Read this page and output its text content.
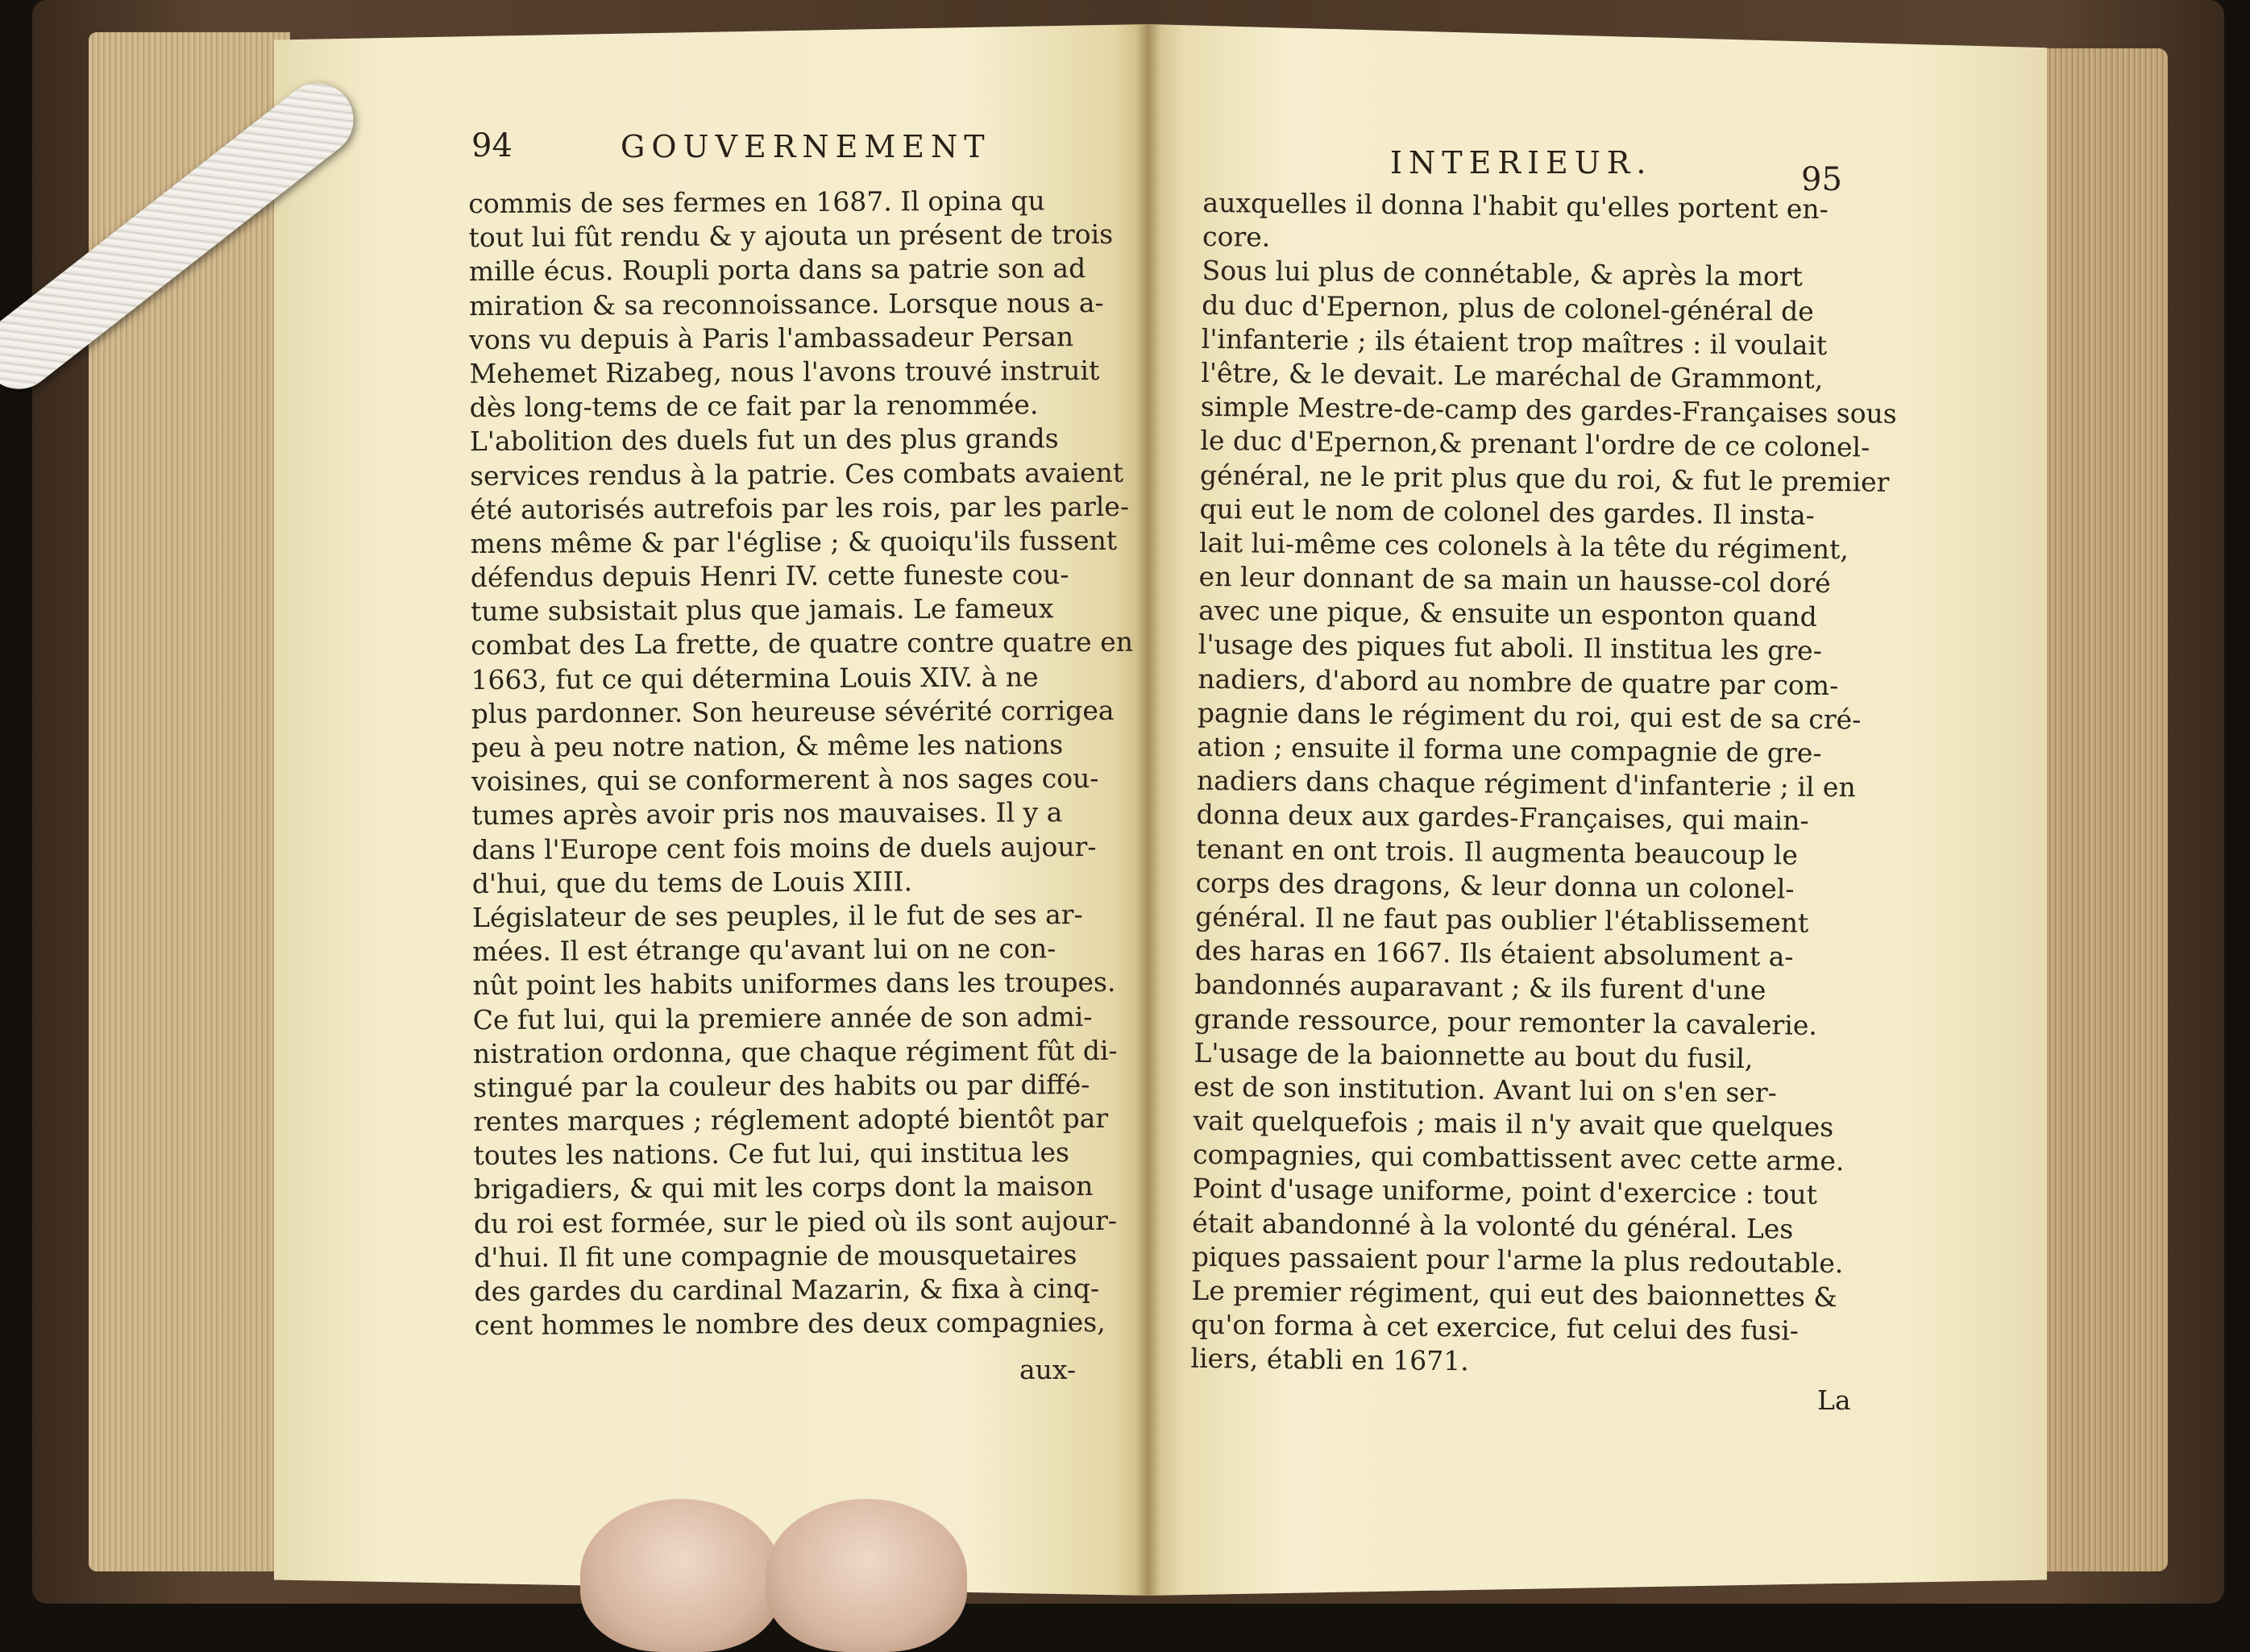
94	GOUVERNEMENT	INTERIEUR.	95
commis de ses fermes en 1687. Il opina qu
tout lui fût rendu & y ajouta un présent de trois
mille écus. Roupli porta dans sa patrie son ad
miration & sa reconnoissance. Lorsque nous a-
vons vu depuis à Paris l'ambassadeur Persan
Mehemet Rizabeg, nous l'avons trouvé instruit
dès long-tems de ce fait par la renommée.
L'abolition des duels fut un des plus grands
services rendus à la patrie. Ces combats avaient
été autorisés autrefois par les rois, par les parle-
mens même & par l'église ; & quoiqu'ils fussent
défendus depuis Henri IV. cette funeste cou-
tume subsistait plus que jamais. Le fameux
combat des La frette, de quatre contre quatre en
1663, fut ce qui détermina Louis XIV. à ne
plus pardonner. Son heureuse sévérité corrigea
peu à peu notre nation, & même les nations
voisines, qui se conformerent à nos sages cou-
tumes après avoir pris nos mauvaises. Il y a
dans l'Europe cent fois moins de duels aujour-
d'hui, que du tems de Louis XIII.
Législateur de ses peuples, il le fut de ses ar-
mées. Il est étrange qu'avant lui on ne con-
nût point les habits uniformes dans les troupes.
Ce fut lui, qui la premiere année de son admi-
nistration ordonna, que chaque régiment fût di-
stingué par la couleur des habits ou par diffé-
rentes marques ; réglement adopté bientôt par
toutes les nations. Ce fut lui, qui institua les
brigadiers, & qui mit les corps dont la maison
du roi est formée, sur le pied où ils sont aujour-
d'hui. Il fit une compagnie de mousquetaires
des gardes du cardinal Mazarin, & fixa à cinq-
cent hommes le nombre des deux compagnies,
auxquelles il donna l'habit qu'elles portent en-
core.
Sous lui plus de connétable, & après la mort
du duc d'Epernon, plus de colonel-général de
l'infanterie ; ils étaient trop maîtres : il voulait
l'être, & le devait. Le maréchal de Grammont,
simple Mestre-de-camp des gardes-Françaises sous
le duc d'Epernon,& prenant l'ordre de ce colonel-
général, ne le prit plus que du roi, & fut le premier
qui eut le nom de colonel des gardes. Il insta-
lait lui-même ces colonels à la tête du régiment,
en leur donnant de sa main un hausse-col doré
avec une pique, & ensuite un esponton quand
l'usage des piques fut aboli. Il institua les gre-
nadiers, d'abord au nombre de quatre par com-
pagnie dans le régiment du roi, qui est de sa cré-
ation ; ensuite il forma une compagnie de gre-
nadiers dans chaque régiment d'infanterie ; il en
donna deux aux gardes-Françaises, qui main-
tenant en ont trois. Il augmenta beaucoup le
corps des dragons, & leur donna un colonel-
général. Il ne faut pas oublier l'établissement
des haras en 1667. Ils étaient absolument a-
bandonnés auparavant ; & ils furent d'une
grande ressource, pour remonter la cavalerie.
L'usage de la baionnette au bout du fusil,
est de son institution. Avant lui on s'en ser-
vait quelquefois ; mais il n'y avait que quelques
compagnies, qui combattissent avec cette arme.
Point d'usage uniforme, point d'exercice : tout
était abandonné à la volonté du général. Les
piques passaient pour l'arme la plus redoutable.
Le premier régiment, qui eut des baionnettes &
qu'on forma à cet exercice, fut celui des fusi-
liers, établi en 1671.
aux-
La
